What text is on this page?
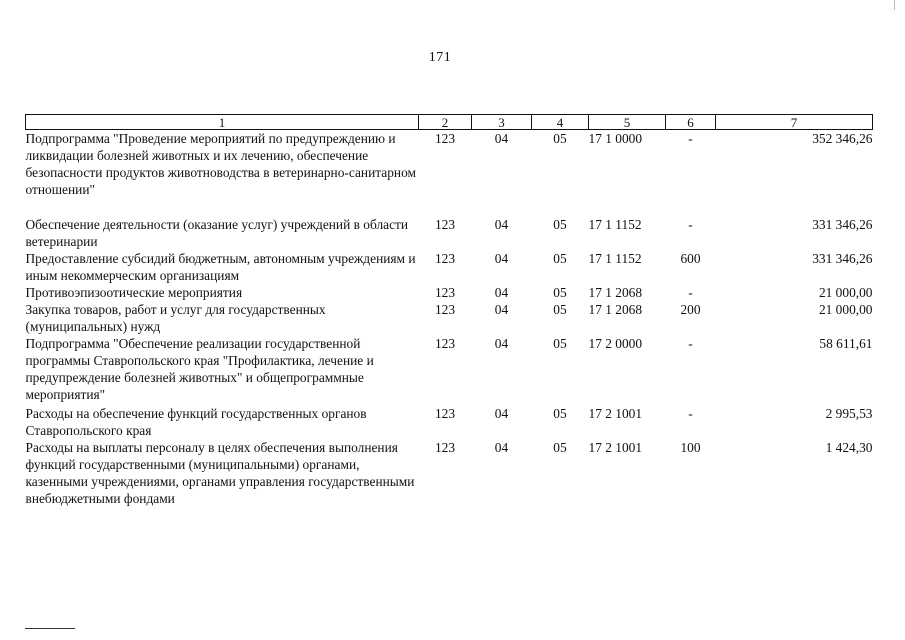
171
1	2	3	4	5	6	7
Подпрограмма "Проведение мероприятий по предупреждению и ликвидации болезней животных и их лечению, обеспечение безопасности продуктов животноводства в ветеринарно-санитарном отношении"	123	04	05	17 1 0000	-	352 346,26

Обеспечение деятельности (оказание услуг) учреждений в области ветеринарии	123	04	05	17 1 1152	-	331 346,26
Предоставление субсидий бюджетным, автономным учреждениям и иным некоммерческим организациям	123	04	05	17 1 1152	600	331 346,26
Противоэпизоотические мероприятия	123	04	05	17 1 2068	-	21 000,00
Закупка товаров, работ и услуг для государственных (муниципальных) нужд	123	04	05	17 1 2068	200	21 000,00
Подпрограмма "Обеспечение реализации государственной программы Ставропольского края "Профилактика, лечение и предупреждение болезней животных" и общепрограммные мероприятия"	123	04	05	17 2 0000	-	58 611,61

Расходы на обеспечение функций государственных органов Ставропольского края	123	04	05	17 2 1001	-	2 995,53
Расходы на выплаты персоналу в целях обеспечения выполнения функций государственными (муниципальными) органами, казенными учреждениями, органами управления государственными внебюджетными фондами	123	04	05	17 2 1001	100	1 424,30
